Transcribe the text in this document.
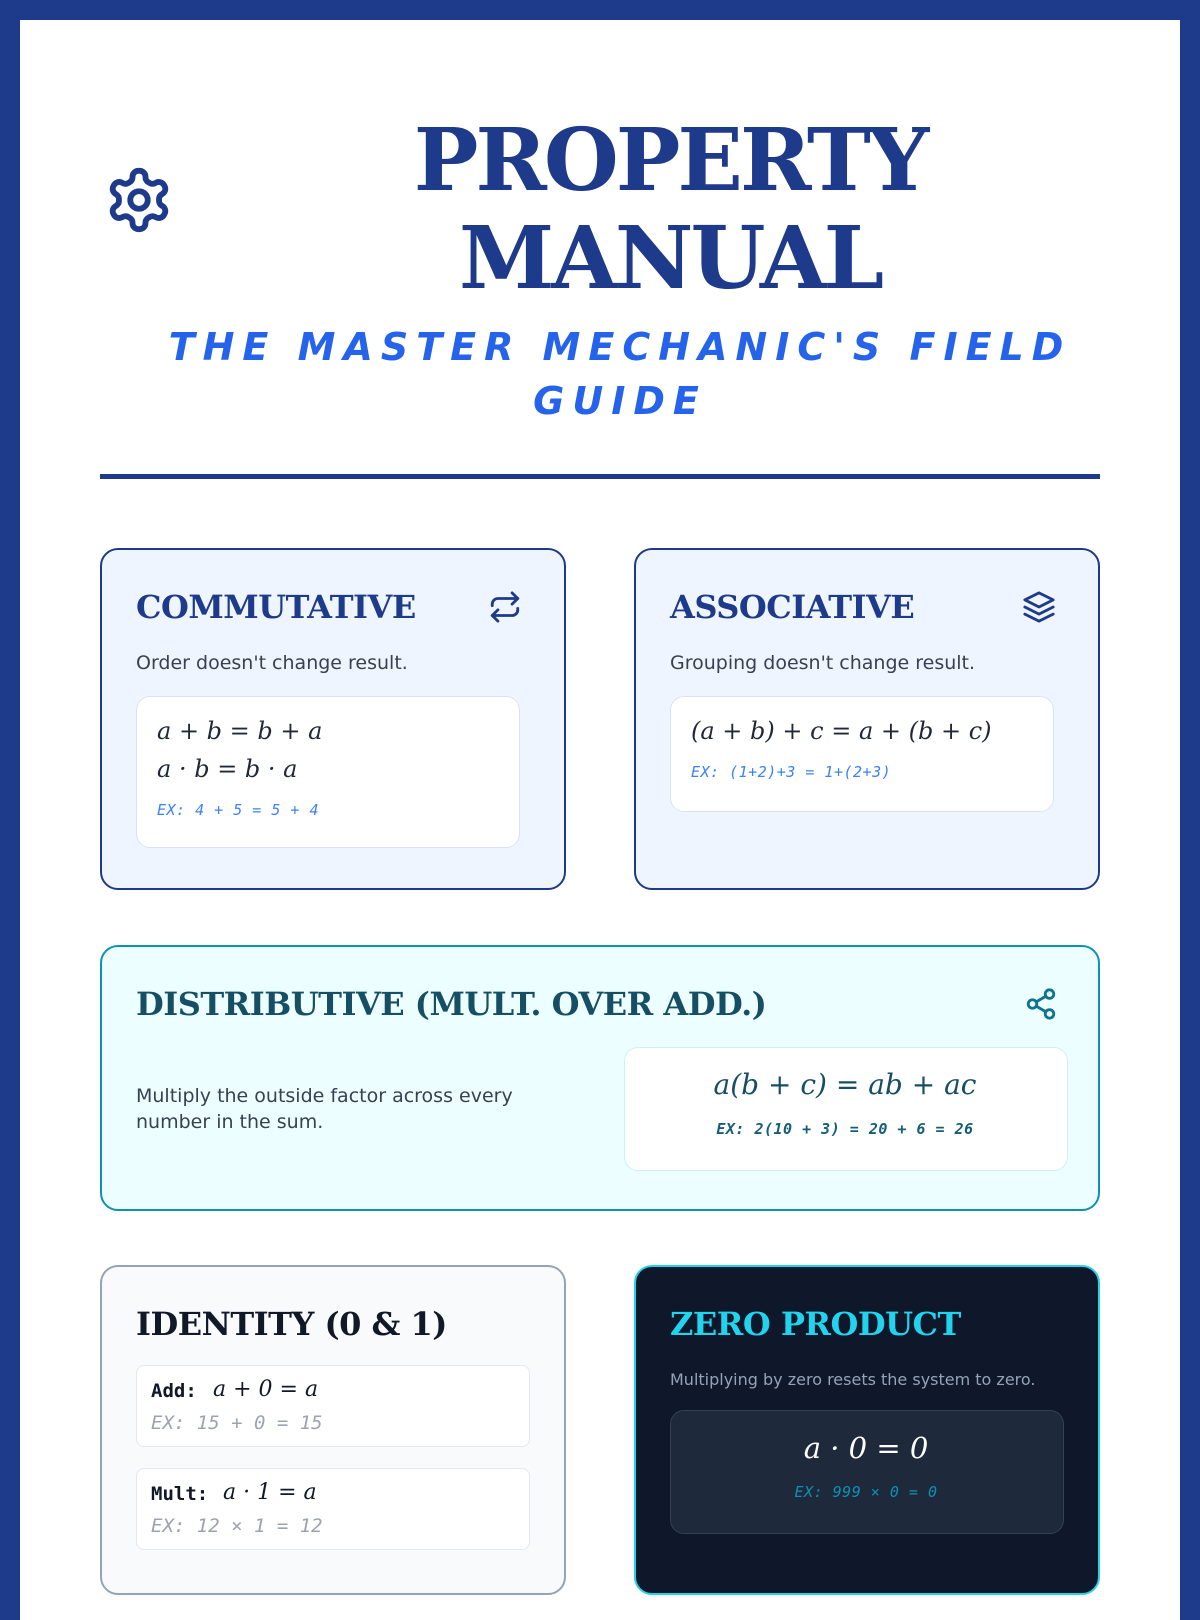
PROPERTY
MANUAL
THE MASTER MECHANIC'S FIELD GUIDE
COMMUTATIVE
Order doesn't change result.
a + b = b + a
a · b = b · a
EX: 4 + 5 = 5 + 4
ASSOCIATIVE
Grouping doesn't change result.
(a + b) + c = a + (b + c)
EX: (1+2)+3 = 1+(2+3)
DISTRIBUTIVE (MULT. OVER ADD.)
Multiply the outside factor across every number in the sum.
a(b + c) = ab + ac
EX: 2(10 + 3) = 20 + 6 = 26
IDENTITY (0 & 1)
Add: a + 0 = a
EX: 15 + 0 = 15
Mult: a · 1 = a
EX: 12 × 1 = 12
ZERO PRODUCT
Multiplying by zero resets the system to zero.
a · 0 = 0
EX: 999 × 0 = 0
